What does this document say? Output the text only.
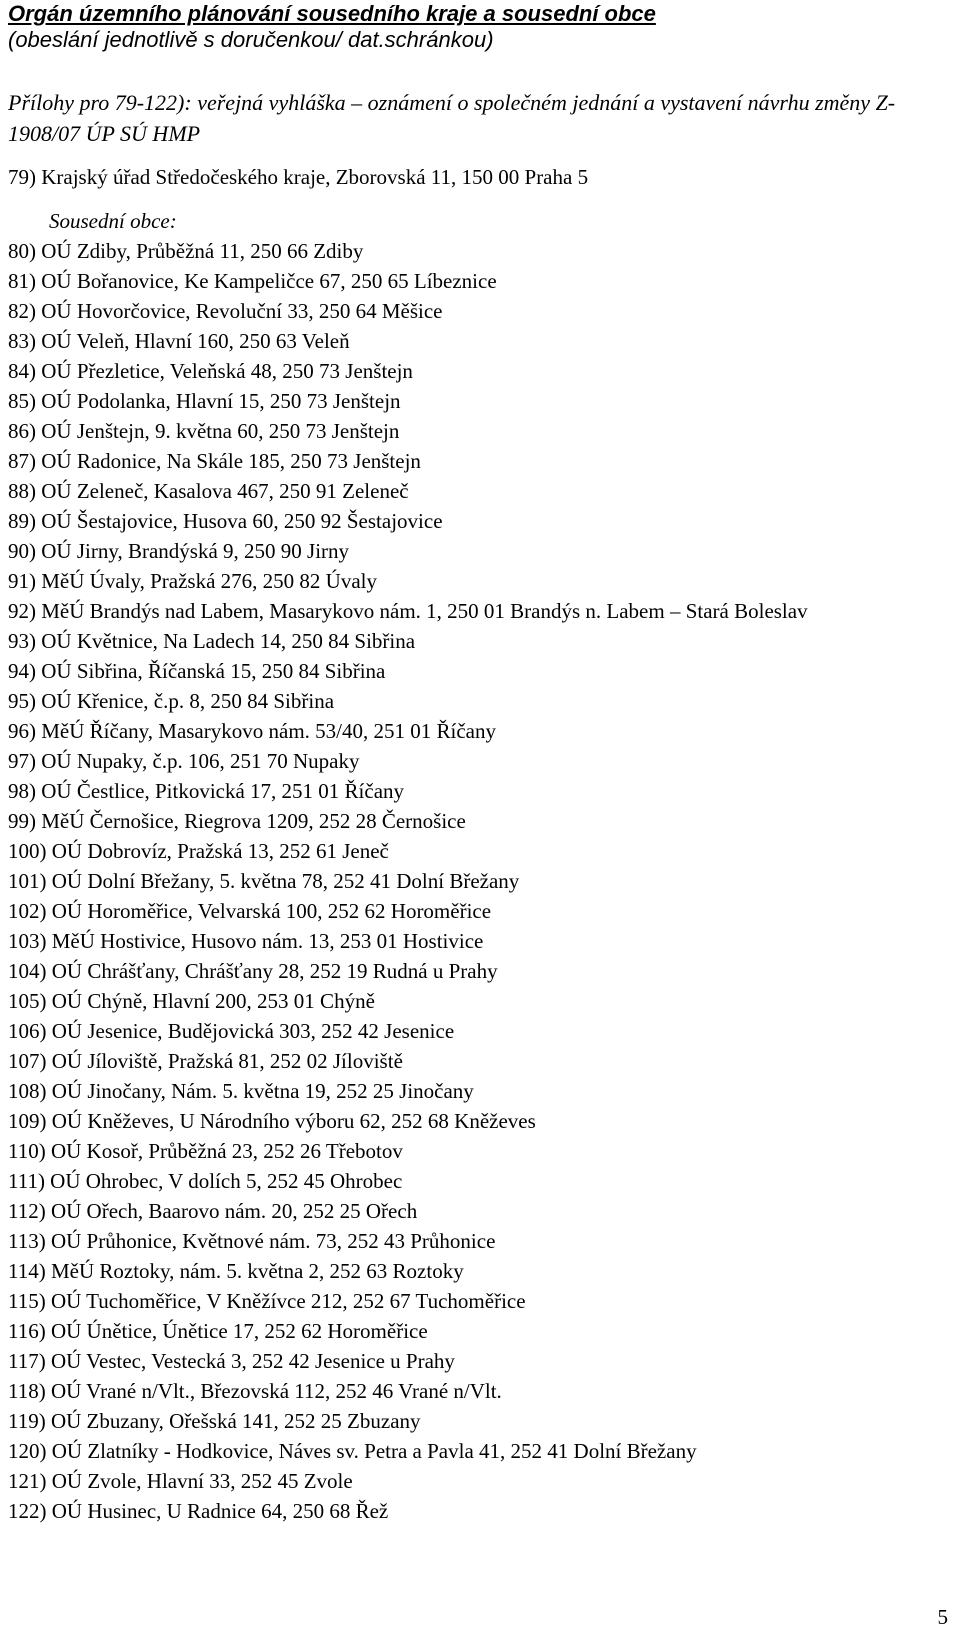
Orgán územního plánování sousedního kraje a sousední obce

(obeslání jednotlivě s doručenkou/ dat.schránkou)

Přílohy pro 79-122): veřejná vyhláška – oznámení o společném jednání a vystavení návrhu změny Z-1908/07 ÚP SÚ HMP

79) Krajský úřad Středočeského kraje, Zborovská 11, 150 00 Praha 5

Sousední obce:

80) OÚ Zdiby, Průběžná 11, 250 66 Zdiby
81) OÚ Bořanovice, Ke Kampeličce 67, 250 65 Líbeznice
82) OÚ Hovorčovice, Revoluční 33, 250 64 Měšice
83) OÚ Veleň, Hlavní 160, 250 63 Veleň
84) OÚ Přezletice, Veleňská 48, 250 73 Jenštejn
85) OÚ Podolanka, Hlavní 15, 250 73 Jenštejn
86) OÚ Jenštejn, 9. května 60, 250 73 Jenštejn
87) OÚ Radonice, Na Skále 185, 250 73 Jenštejn
88) OÚ Zeleneč, Kasalova 467, 250 91 Zeleneč
89) OÚ Šestajovice, Husova 60, 250 92 Šestajovice
90) OÚ Jirny, Brandýská 9, 250 90 Jirny
91) MěÚ Úvaly, Pražská 276, 250 82 Úvaly
92) MěÚ Brandýs nad Labem, Masarykovo nám. 1, 250 01 Brandýs n. Labem – Stará Boleslav
93) OÚ Květnice, Na Ladech 14, 250 84 Sibřina
94) OÚ Sibřina, Říčanská 15, 250 84 Sibřina
95) OÚ Křenice, č.p. 8, 250 84 Sibřina
96) MěÚ Říčany, Masarykovo nám. 53/40, 251 01 Říčany
97) OÚ Nupaky, č.p. 106, 251 70 Nupaky
98) OÚ Čestlice, Pitkovická 17, 251 01 Říčany
99) MěÚ Černošice, Riegrova 1209, 252 28 Černošice
100) OÚ Dobrovíz, Pražská 13, 252 61 Jeneč
101) OÚ Dolní Břežany, 5. května 78, 252 41 Dolní Břežany
102) OÚ Horoměřice, Velvarská 100, 252 62 Horoměřice
103) MěÚ Hostivice, Husovo nám. 13, 253 01 Hostivice
104) OÚ Chrášťany, Chrášťany 28, 252 19 Rudná u Prahy
105) OÚ Chýně, Hlavní 200, 253 01 Chýně
106) OÚ Jesenice, Budějovická 303, 252 42 Jesenice
107) OÚ Jíloviště, Pražská 81, 252 02 Jíloviště
108) OÚ Jinočany, Nám. 5. května 19, 252 25 Jinočany
109) OÚ Kněževes, U Národního výboru 62, 252 68 Kněževes
110) OÚ Kosoř, Průběžná 23, 252 26 Třebotov
111) OÚ Ohrobec, V dolích 5, 252 45 Ohrobec
112) OÚ Ořech, Baarovo nám. 20, 252 25 Ořech
113) OÚ Průhonice, Květnové nám. 73, 252 43 Průhonice
114) MěÚ Roztoky, nám. 5. května 2, 252 63 Roztoky
115) OÚ Tuchoměřice, V Kněžívce 212, 252 67 Tuchoměřice
116) OÚ Únětice, Únětice 17, 252 62 Horoměřice
117) OÚ Vestec, Vestecká 3, 252 42 Jesenice u Prahy
118) OÚ Vrané n/Vlt., Březovská 112, 252 46 Vrané n/Vlt.
119) OÚ Zbuzany, Ořešská 141, 252 25 Zbuzany
120) OÚ Zlatníky - Hodkovice, Náves sv. Petra a Pavla 41, 252 41 Dolní Břežany
121) OÚ Zvole, Hlavní 33, 252 45 Zvole
122) OÚ Husinec, U Radnice 64, 250 68 Řež
5
